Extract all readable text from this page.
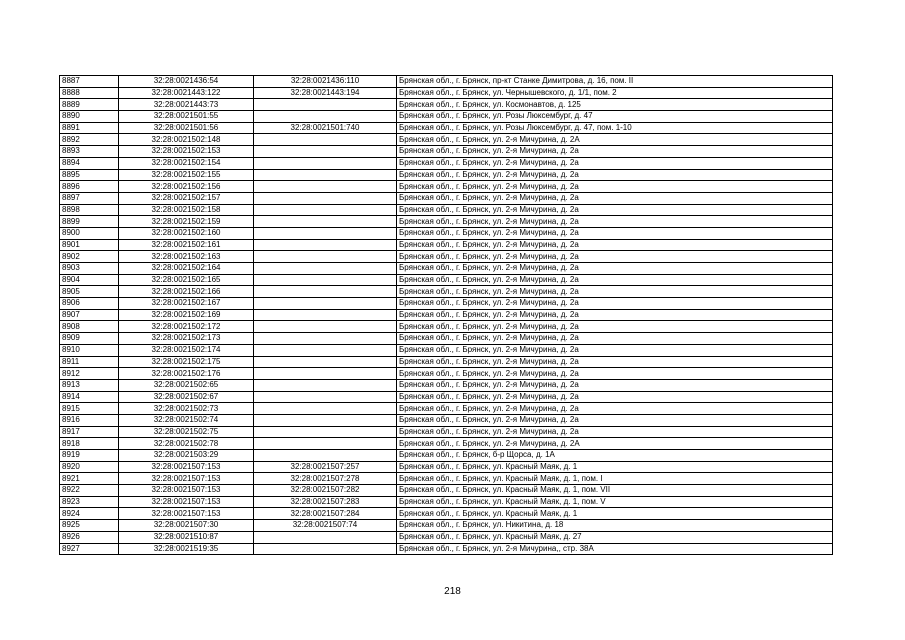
8887	32:28:0021436:54	32:28:0021436:110	Брянская обл., г. Брянск, пр-кт Станке Димитрова, д. 16, пом. II
8888	32:28:0021443:122	32:28:0021443:194	Брянская обл., г. Брянск, ул. Чернышевского, д. 1/1, пом. 2
8889	32:28:0021443:73		Брянская обл., г. Брянск, ул. Космонавтов, д. 125
8890	32:28:0021501:55		Брянская обл., г. Брянск, ул. Розы Люксембург, д. 47
8891	32:28:0021501:56	32:28:0021501:740	Брянская обл., г. Брянск, ул. Розы Люксембург, д. 47, пом. 1-10
8892	32:28:0021502:148		Брянская обл., г. Брянск, ул. 2-я Мичурина, д. 2А
8893	32:28:0021502:153		Брянская обл., г. Брянск, ул. 2-я Мичурина, д. 2а
8894	32:28:0021502:154		Брянская обл., г. Брянск, ул. 2-я Мичурина, д. 2а
8895	32:28:0021502:155		Брянская обл., г. Брянск, ул. 2-я Мичурина, д. 2а
8896	32:28:0021502:156		Брянская обл., г. Брянск, ул. 2-я Мичурина, д. 2а
8897	32:28:0021502:157		Брянская обл., г. Брянск, ул. 2-я Мичурина, д. 2а
8898	32:28:0021502:158		Брянская обл., г. Брянск, ул. 2-я Мичурина, д. 2а
8899	32:28:0021502:159		Брянская обл., г. Брянск, ул. 2-я Мичурина, д. 2а
8900	32:28:0021502:160		Брянская обл., г. Брянск, ул. 2-я Мичурина, д. 2а
8901	32:28:0021502:161		Брянская обл., г. Брянск, ул. 2-я Мичурина, д. 2а
8902	32:28:0021502:163		Брянская обл., г. Брянск, ул. 2-я Мичурина, д. 2а
8903	32:28:0021502:164		Брянская обл., г. Брянск, ул. 2-я Мичурина, д. 2а
8904	32:28:0021502:165		Брянская обл., г. Брянск, ул. 2-я Мичурина, д. 2а
8905	32:28:0021502:166		Брянская обл., г. Брянск, ул. 2-я Мичурина, д. 2а
8906	32:28:0021502:167		Брянская обл., г. Брянск, ул. 2-я Мичурина, д. 2а
8907	32:28:0021502:169		Брянская обл., г. Брянск, ул. 2-я Мичурина, д. 2а
8908	32:28:0021502:172		Брянская обл., г. Брянск, ул. 2-я Мичурина, д. 2а
8909	32:28:0021502:173		Брянская обл., г. Брянск, ул. 2-я Мичурина, д. 2а
8910	32:28:0021502:174		Брянская обл., г. Брянск, ул. 2-я Мичурина, д. 2а
8911	32:28:0021502:175		Брянская обл., г. Брянск, ул. 2-я Мичурина, д. 2а
8912	32:28:0021502:176		Брянская обл., г. Брянск, ул. 2-я Мичурина, д. 2а
8913	32:28:0021502:65		Брянская обл., г. Брянск, ул. 2-я Мичурина, д. 2а
8914	32:28:0021502:67		Брянская обл., г. Брянск, ул. 2-я Мичурина, д. 2а
8915	32:28:0021502:73		Брянская обл., г. Брянск, ул. 2-я Мичурина, д. 2а
8916	32:28:0021502:74		Брянская обл., г. Брянск, ул. 2-я Мичурина, д. 2а
8917	32:28:0021502:75		Брянская обл., г. Брянск, ул. 2-я Мичурина, д. 2а
8918	32:28:0021502:78		Брянская обл., г. Брянск, ул. 2-я Мичурина, д. 2А
8919	32:28:0021503:29		Брянская обл., г. Брянск, б-р Щорса, д. 1А
8920	32:28:0021507:153	32:28:0021507:257	Брянская обл., г. Брянск, ул. Красный Маяк, д. 1
8921	32:28:0021507:153	32:28:0021507:278	Брянская обл., г. Брянск, ул. Красный Маяк, д. 1, пом. I
8922	32:28:0021507:153	32:28:0021507:282	Брянская обл., г. Брянск, ул. Красный Маяк, д. 1, пом. VII
8923	32:28:0021507:153	32:28:0021507:283	Брянская обл., г. Брянск, ул. Красный Маяк, д. 1, пом. V
8924	32:28:0021507:153	32:28:0021507:284	Брянская обл., г. Брянск, ул. Красный Маяк, д. 1
8925	32:28:0021507:30	32:28:0021507:74	Брянская обл., г. Брянск, ул. Никитина, д. 18
8926	32:28:0021510:87		Брянская обл., г. Брянск, ул. Красный Маяк, д. 27
8927	32:28:0021519:35		Брянская обл., г. Брянск, ул. 2-я Мичурина,, стр. 38А
218
